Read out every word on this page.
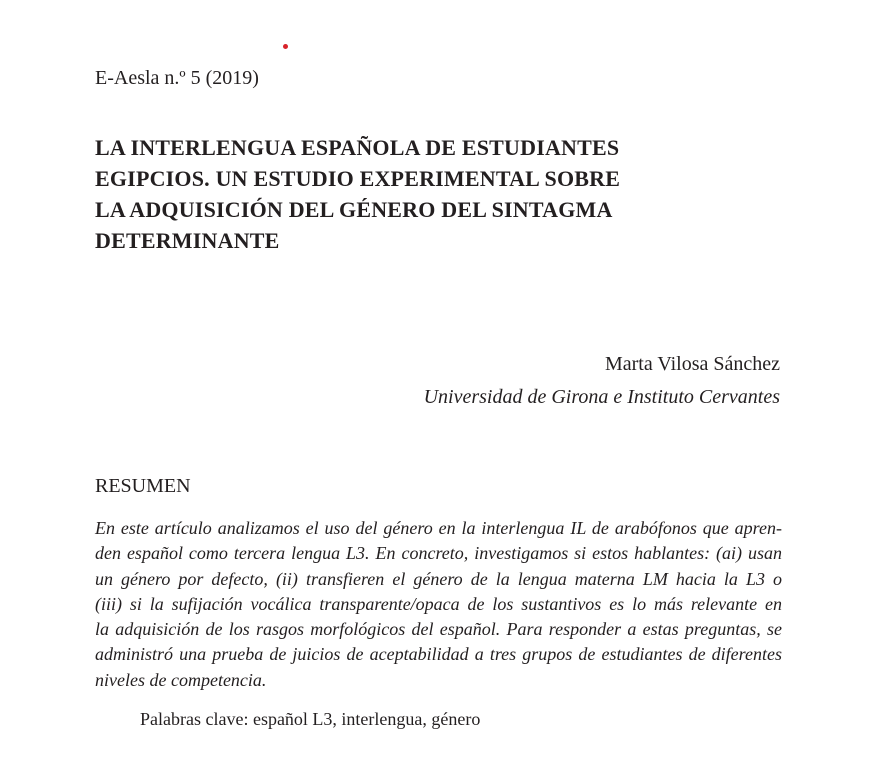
E-Aesla n.º 5 (2019)
LA INTERLENGUA ESPAÑOLA DE ESTUDIANTES
EGIPCIOS. UN ESTUDIO EXPERIMENTAL SOBRE
LA ADQUISICIÓN DEL GÉNERO DEL SINTAGMA
DETERMINANTE
Marta Vilosa Sánchez
Universidad de Girona e Instituto Cervantes
RESUMEN
En este artículo analizamos el uso del género en la interlengua IL de arabófonos que apren-
den español como tercera lengua L3. En concreto, investigamos si estos hablantes: (ai) usan
un género por defecto, (ii) transfieren el género de la lengua materna LM hacia la L3 o
(iii) si la sufijación vocálica transparente/opaca de los sustantivos es lo más relevante en
la adquisición de los rasgos morfológicos del español. Para responder a estas preguntas, se
administró una prueba de juicios de aceptabilidad a tres grupos de estudiantes de diferentes
niveles de competencia.
Palabras clave: español L3, interlengua, género
